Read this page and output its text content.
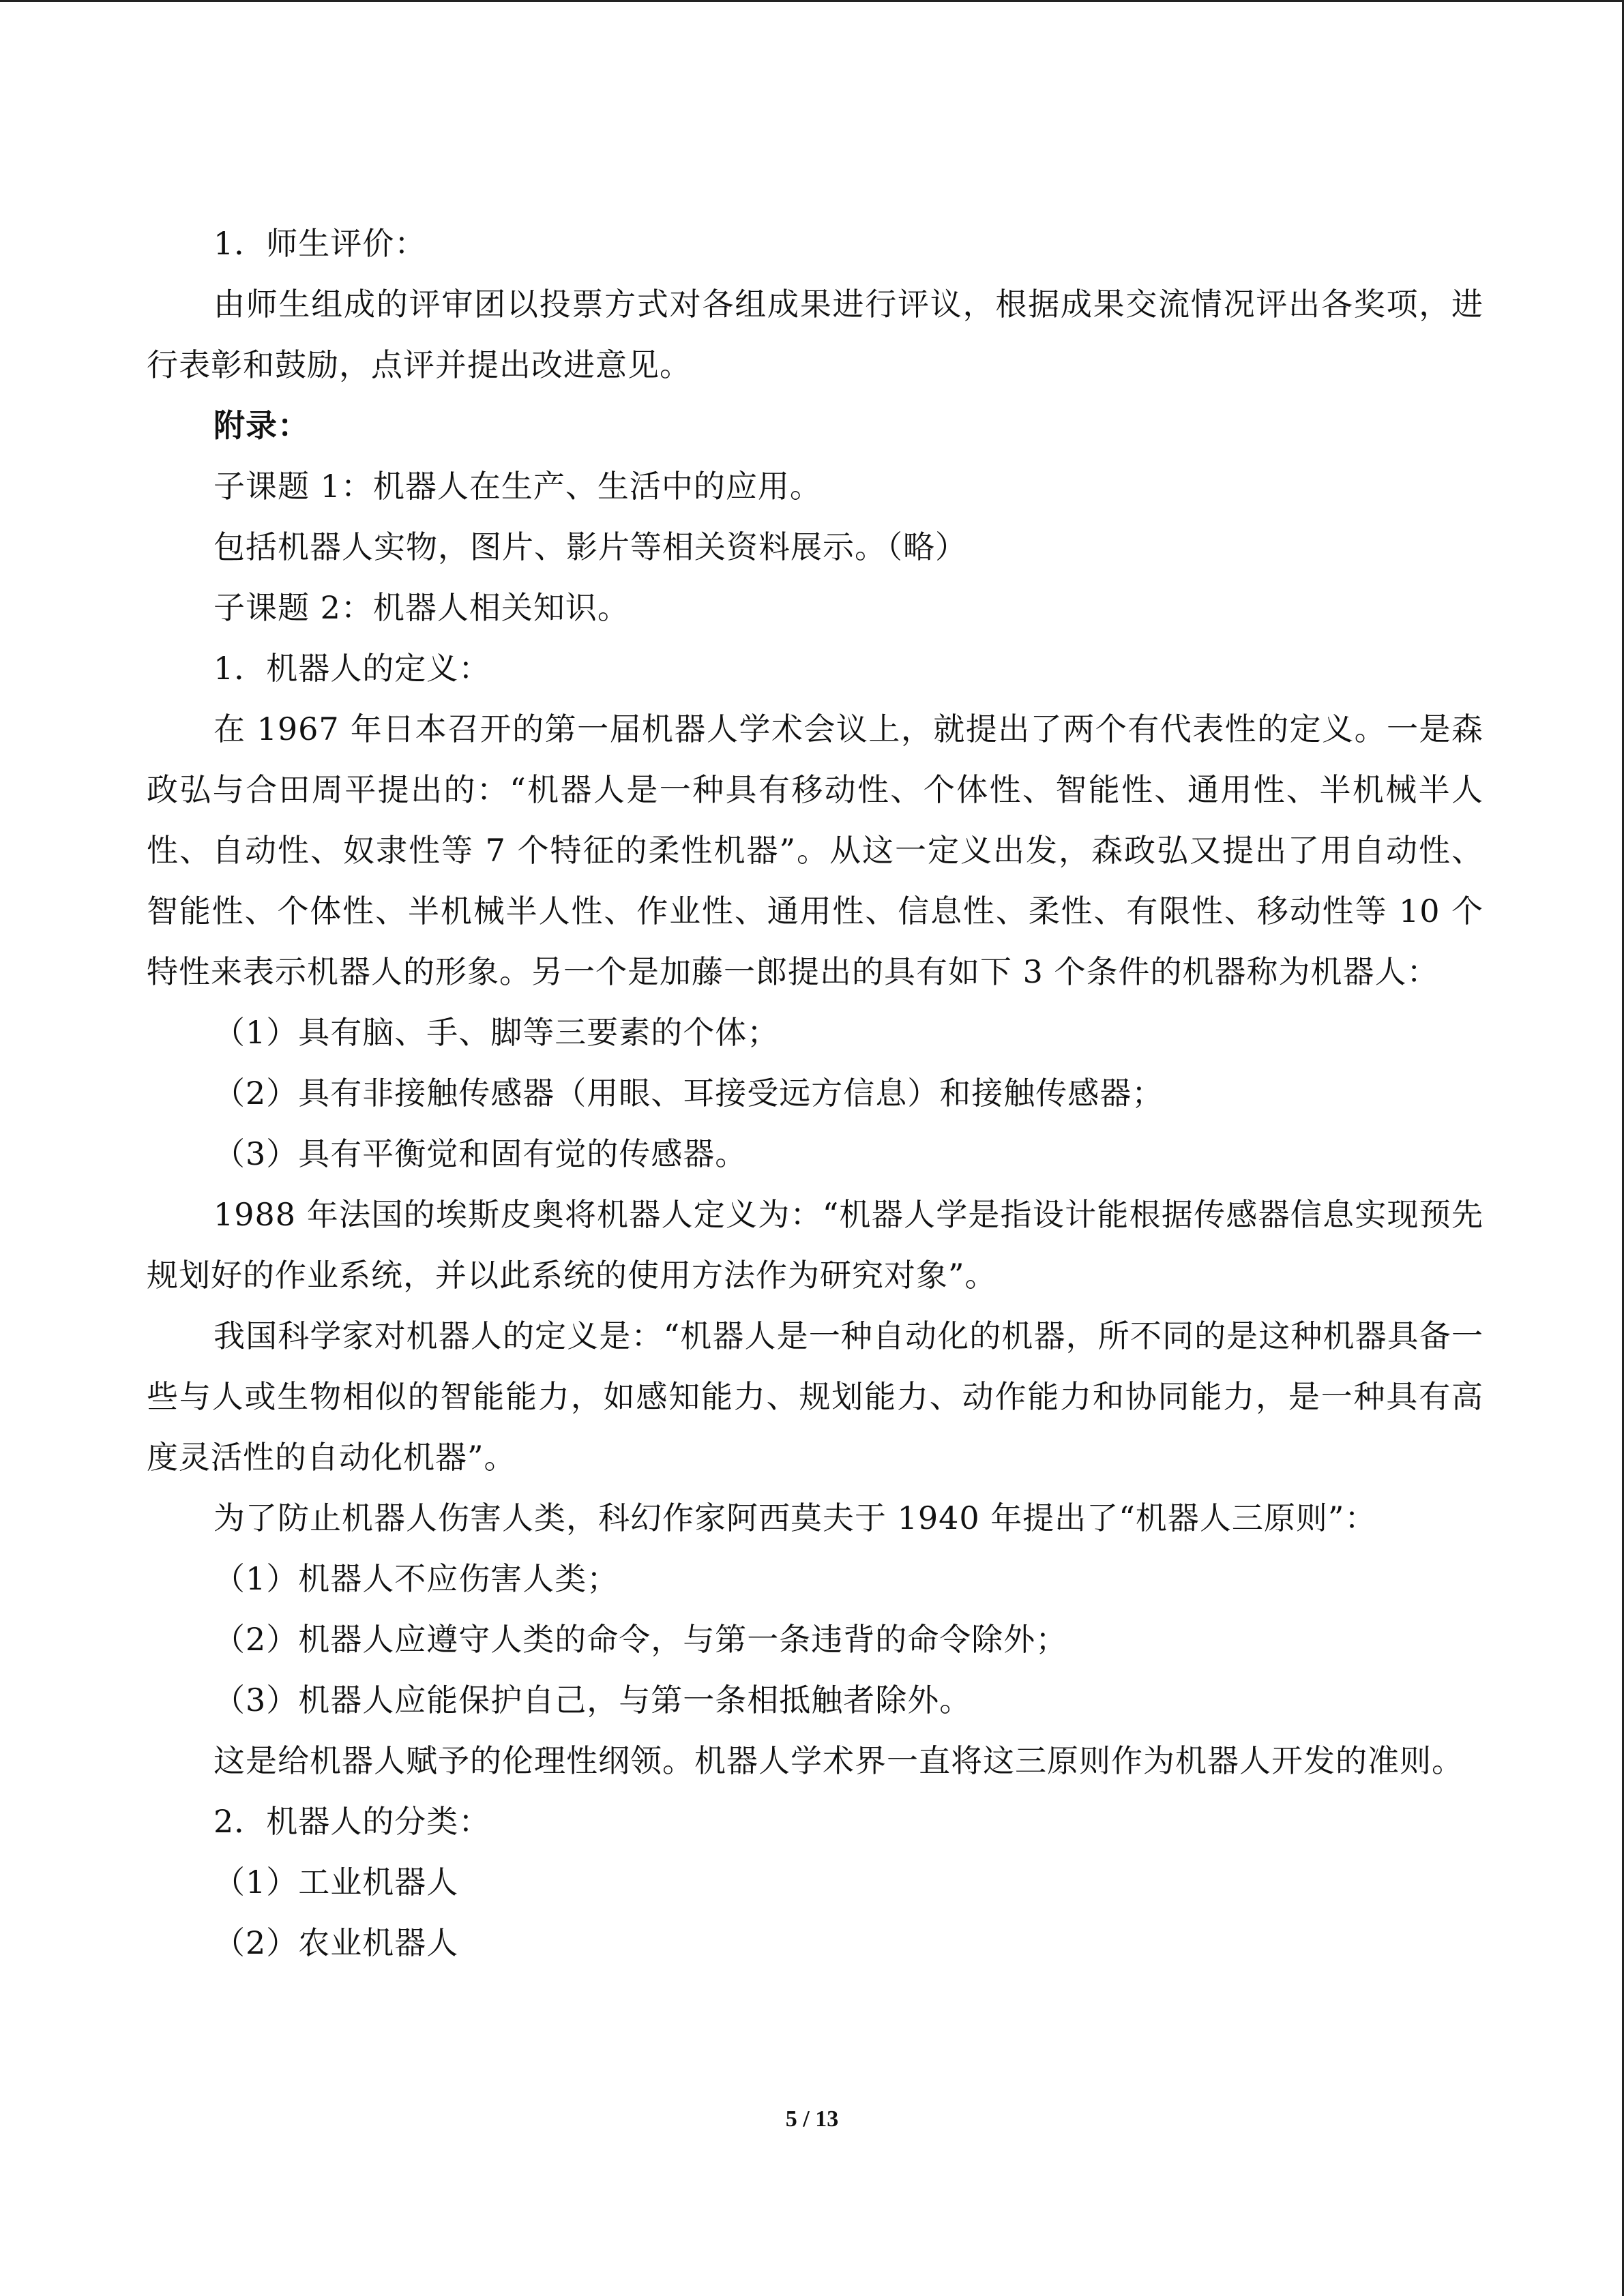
1．师生评价：

由师生组成的评审团以投票方式对各组成果进行评议，根据成果交流情况评出各奖项，进行表彰和鼓励，点评并提出改进意见。

附录：

子课题 1：机器人在生产、生活中的应用。

包括机器人实物，图片、影片等相关资料展示。（略）

子课题 2：机器人相关知识。

1．机器人的定义：

在 1967 年日本召开的第一届机器人学术会议上，就提出了两个有代表性的定义。一是森政弘与合田周平提出的：“机器人是一种具有移动性、个体性、智能性、通用性、半机械半人性、自动性、奴隶性等 7 个特征的柔性机器”。从这一定义出发，森政弘又提出了用自动性、智能性、个体性、半机械半人性、作业性、通用性、信息性、柔性、有限性、移动性等 10 个特性来表示机器人的形象。另一个是加藤一郎提出的具有如下 3 个条件的机器称为机器人：

（1）具有脑、手、脚等三要素的个体；

（2）具有非接触传感器（用眼、耳接受远方信息）和接触传感器；

（3）具有平衡觉和固有觉的传感器。

1988 年法国的埃斯皮奥将机器人定义为：“机器人学是指设计能根据传感器信息实现预先规划好的作业系统，并以此系统的使用方法作为研究对象”。

我国科学家对机器人的定义是：“机器人是一种自动化的机器，所不同的是这种机器具备一些与人或生物相似的智能能力，如感知能力、规划能力、动作能力和协同能力，是一种具有高度灵活性的自动化机器”。

为了防止机器人伤害人类，科幻作家阿西莫夫于 1940 年提出了“机器人三原则”：

（1）机器人不应伤害人类；

（2）机器人应遵守人类的命令，与第一条违背的命令除外；

（3）机器人应能保护自己，与第一条相抵触者除外。

这是给机器人赋予的伦理性纲领。机器人学术界一直将这三原则作为机器人开发的准则。

2．机器人的分类：

（1）工业机器人

（2）农业机器人

5 / 13
